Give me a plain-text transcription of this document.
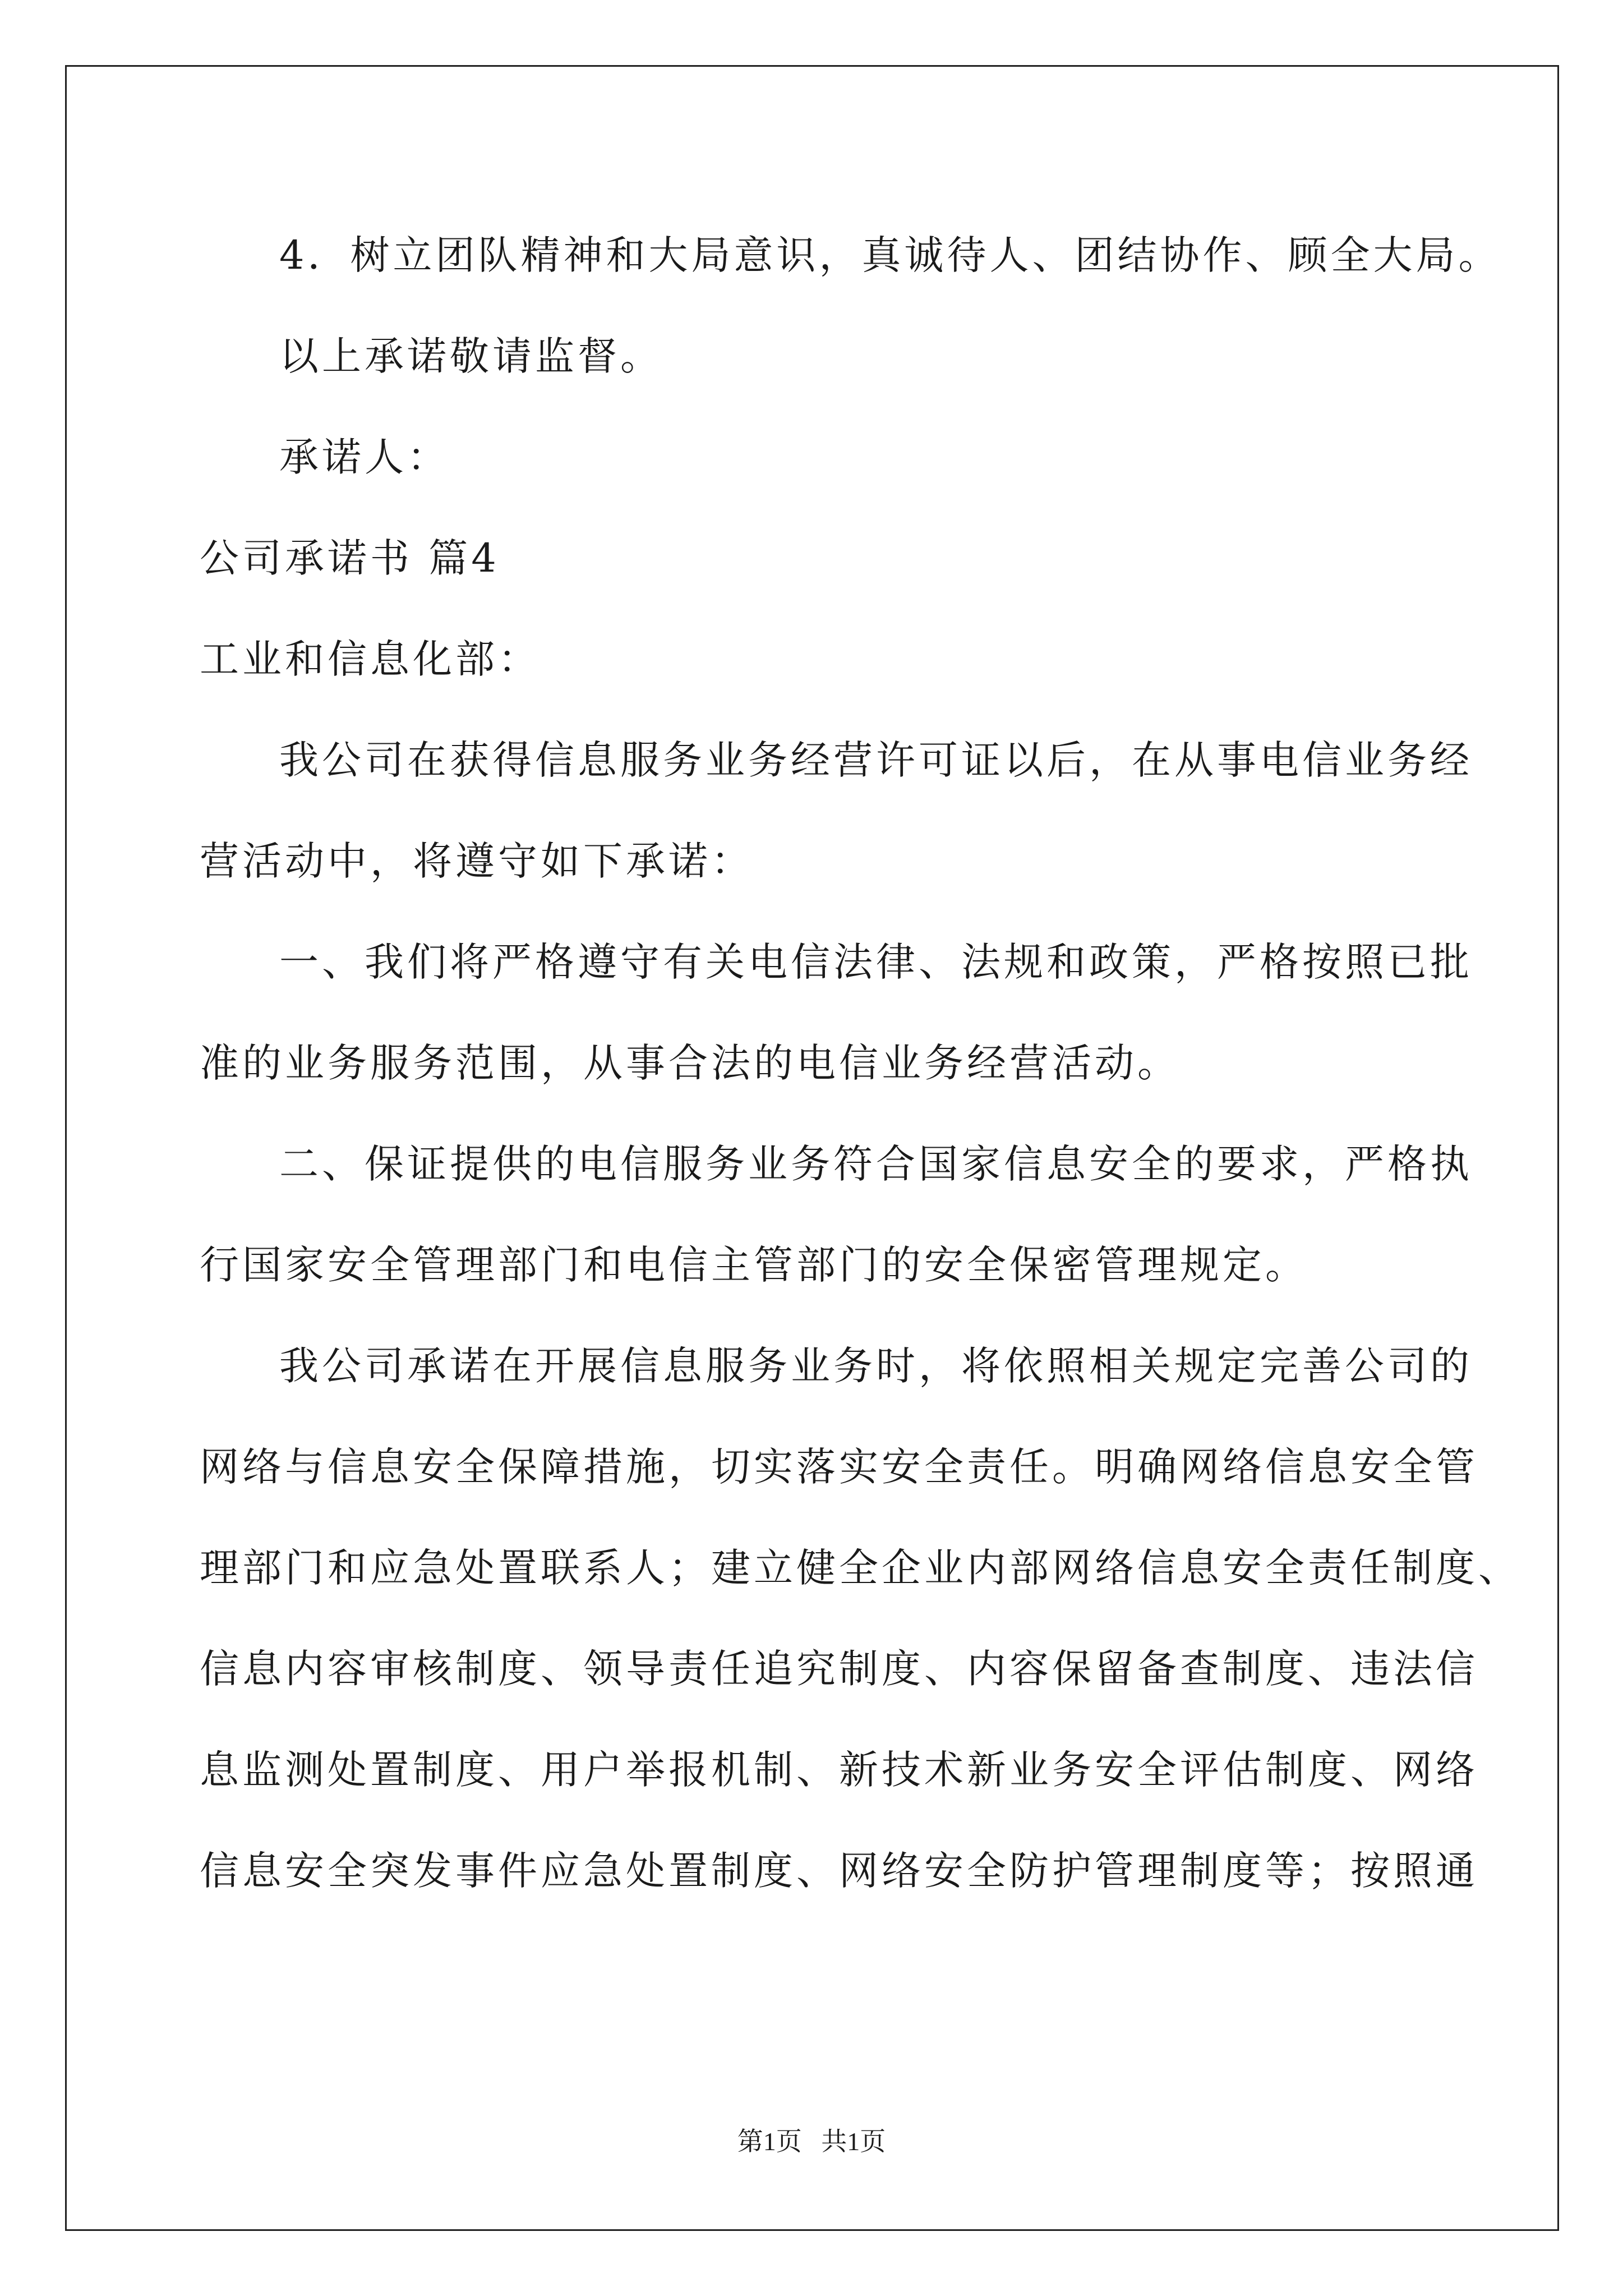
4．树立团队精神和大局意识，真诚待人、团结协作、顾全大局。
以上承诺敬请监督。
承诺人：
公司承诺书 篇4
工业和信息化部：
我公司在获得信息服务业务经营许可证以后，在从事电信业务经
营活动中，将遵守如下承诺：
一、我们将严格遵守有关电信法律、法规和政策，严格按照已批
准的业务服务范围，从事合法的电信业务经营活动。
二、保证提供的电信服务业务符合国家信息安全的要求，严格执
行国家安全管理部门和电信主管部门的安全保密管理规定。
我公司承诺在开展信息服务业务时，将依照相关规定完善公司的
网络与信息安全保障措施，切实落实安全责任。明确网络信息安全管
理部门和应急处置联系人；建立健全企业内部网络信息安全责任制度、
信息内容审核制度、领导责任追究制度、内容保留备查制度、违法信
息监测处置制度、用户举报机制、新技术新业务安全评估制度、网络
信息安全突发事件应急处置制度、网络安全防护管理制度等；按照通
第1页   共1页
